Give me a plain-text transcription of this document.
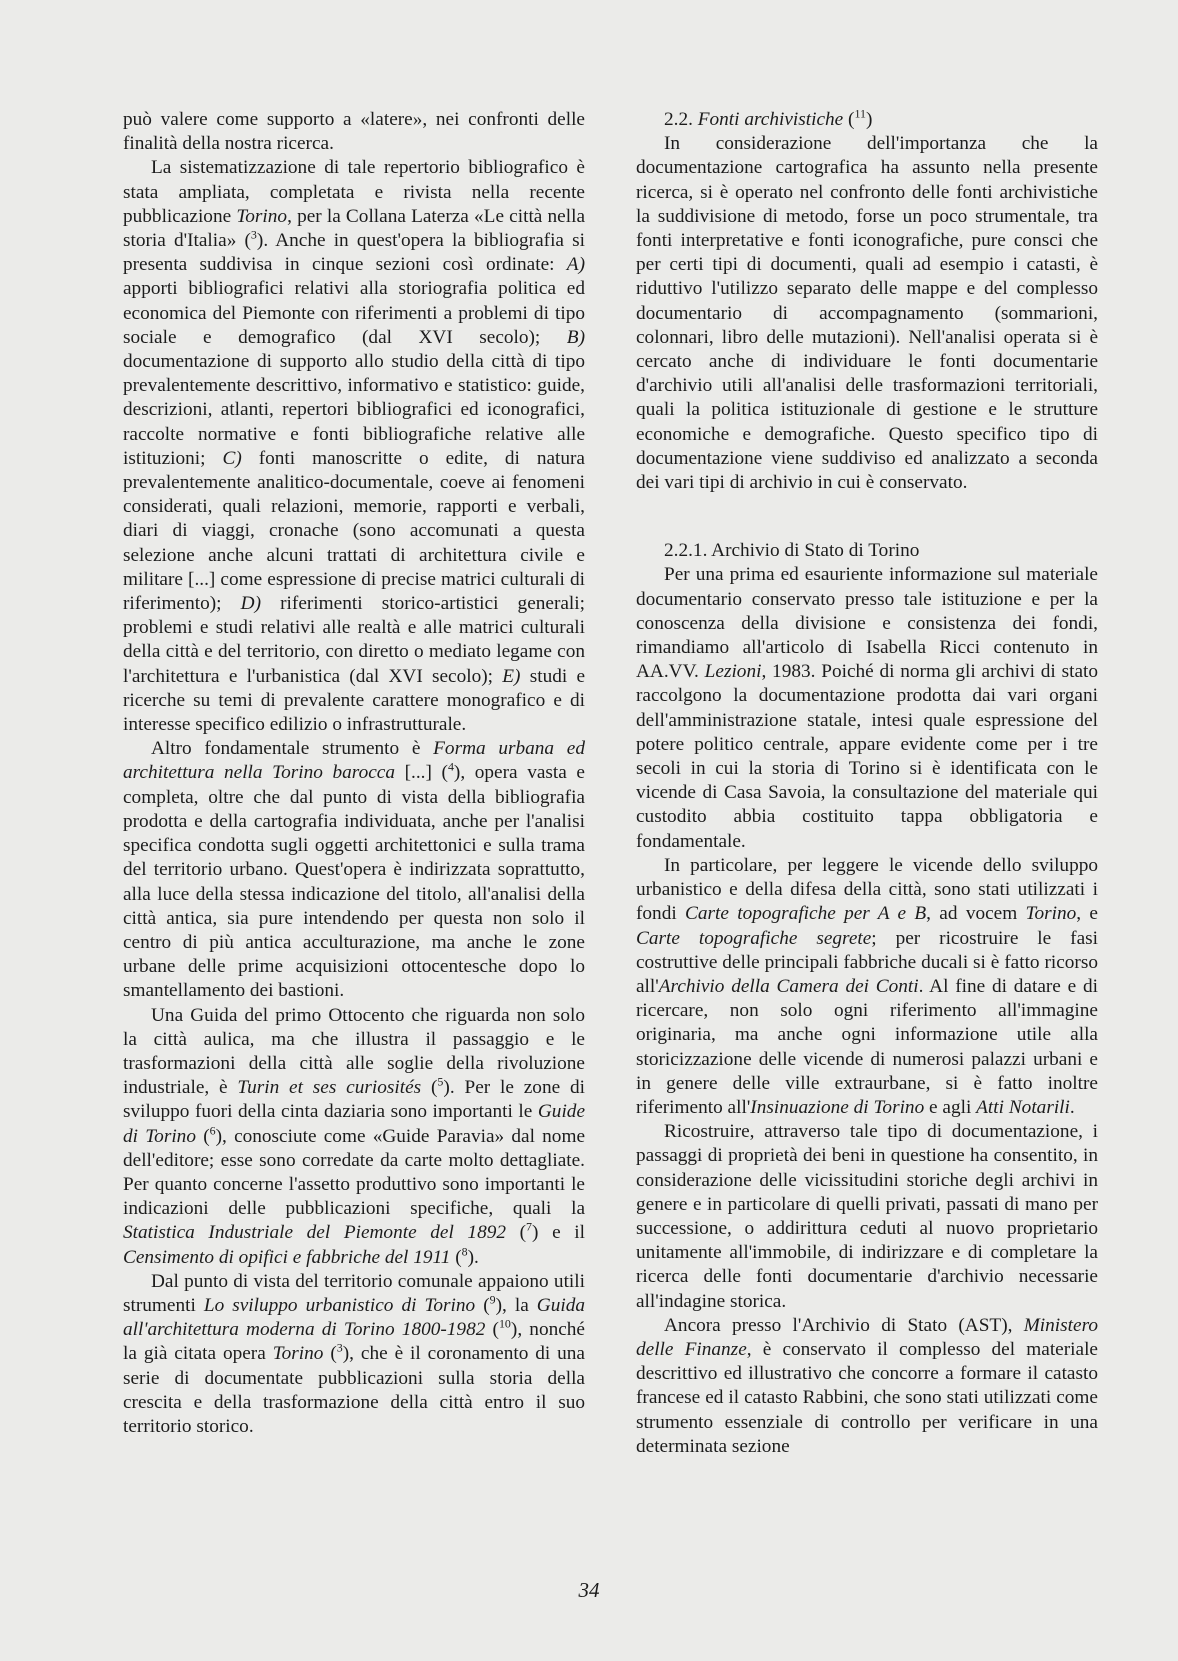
può valere come supporto a «latere», nei confronti delle finalità della nostra ricerca.

La sistematizzazione di tale repertorio bibliografico è stata ampliata, completata e rivista nella recente pubblicazione Torino, per la Collana Laterza «Le città nella storia d'Italia» ($^3$). Anche in quest'opera la bibliografia si presenta suddivisa in cinque sezioni così ordinate: A) apporti bibliografici relativi alla storiografia politica ed economica del Piemonte con riferimenti a problemi di tipo sociale e demografico (dal XVI secolo); B) documentazione di supporto allo studio della città di tipo prevalentemente descrittivo, informativo e statistico: guide, descrizioni, atlanti, repertori bibliografici ed iconografici, raccolte normative e fonti bibliografiche relative alle istituzioni; C) fonti manoscritte o edite, di natura prevalentemente analitico-documentale, coeve ai fenomeni considerati, quali relazioni, memorie, rapporti e verbali, diari di viaggi, cronache (sono accomunati a questa selezione anche alcuni trattati di architettura civile e militare [...] come espressione di precise matrici culturali di riferimento); D) riferimenti storico-artistici generali; problemi e studi relativi alle realtà e alle matrici culturali della città e del territorio, con diretto o mediato legame con l'architettura e l'urbanistica (dal XVI secolo); E) studi e ricerche su temi di prevalente carattere monografico e di interesse specifico edilizio o infrastrutturale.

Altro fondamentale strumento è Forma urbana ed architettura nella Torino barocca [...] ($^4$), opera vasta e completa, oltre che dal punto di vista della bibliografia prodotta e della cartografia individuata, anche per l'analisi specifica condotta sugli oggetti architettonici e sulla trama del territorio urbano. Quest'opera è indirizzata soprattutto, alla luce della stessa indicazione del titolo, all'analisi della città antica, sia pure intendendo per questa non solo il centro di più antica acculturazione, ma anche le zone urbane delle prime acquisizioni ottocentesche dopo lo smantellamento dei bastioni.

Una Guida del primo Ottocento che riguarda non solo la città aulica, ma che illustra il passaggio e le trasformazioni della città alle soglie della rivoluzione industriale, è Turin et ses curiosités ($^5$). Per le zone di sviluppo fuori della cinta daziaria sono importanti le Guide di Torino ($^6$), conosciute come «Guide Paravia» dal nome dell'editore; esse sono corredate da carte molto dettagliate. Per quanto concerne l'assetto produttivo sono importanti le indicazioni delle pubblicazioni specifiche, quali la Statistica Industriale del Piemonte del 1892 ($^7$) e il Censimento di opifici e fabbriche del 1911 ($^8$).

Dal punto di vista del territorio comunale appaiono utili strumenti Lo sviluppo urbanistico di Torino ($^9$), la Guida all'architettura moderna di Torino 1800-1982 ($^{10}$), nonché la già citata opera Torino ($^3$), che è il coronamento di una serie di documentate pubblicazioni sulla storia della crescita e della trasformazione della città entro il suo territorio storico.

2.2. Fonti archivistiche ($^{11}$)

In considerazione dell'importanza che la documentazione cartografica ha assunto nella presente ricerca, si è operato nel confronto delle fonti archivistiche la suddivisione di metodo, forse un poco strumentale, tra fonti interpretative e fonti iconografiche, pure consci che per certi tipi di documenti, quali ad esempio i catasti, è riduttivo l'utilizzo separato delle mappe e del complesso documentario di accompagnamento (sommarioni, colonnari, libro delle mutazioni). Nell'analisi operata si è cercato anche di individuare le fonti documentarie d'archivio utili all'analisi delle trasformazioni territoriali, quali la politica istituzionale di gestione e le strutture economiche e demografiche. Questo specifico tipo di documentazione viene suddiviso ed analizzato a seconda dei vari tipi di archivio in cui è conservato.

2.2.1. Archivio di Stato di Torino

Per una prima ed esauriente informazione sul materiale documentario conservato presso tale istituzione e per la conoscenza della divisione e consistenza dei fondi, rimandiamo all'articolo di Isabella Ricci contenuto in AA.VV. Lezioni, 1983. Poiché di norma gli archivi di stato raccolgono la documentazione prodotta dai vari organi dell'amministrazione statale, intesi quale espressione del potere politico centrale, appare evidente come per i tre secoli in cui la storia di Torino si è identificata con le vicende di Casa Savoia, la consultazione del materiale qui custodito abbia costituito tappa obbligatoria e fondamentale.

In particolare, per leggere le vicende dello sviluppo urbanistico e della difesa della città, sono stati utilizzati i fondi Carte topografiche per A e B, ad vocem Torino, e Carte topografiche segrete; per ricostruire le fasi costruttive delle principali fabbriche ducali si è fatto ricorso all'Archivio della Camera dei Conti. Al fine di datare e di ricercare, non solo ogni riferimento all'immagine originaria, ma anche ogni informazione utile alla storicizzazione delle vicende di numerosi palazzi urbani e in genere delle ville extraurbane, si è fatto inoltre riferimento all'Insinuazione di Torino e agli Atti Notarili.

Ricostruire, attraverso tale tipo di documentazione, i passaggi di proprietà dei beni in questione ha consentito, in considerazione delle vicissitudini storiche degli archivi in genere e in particolare di quelli privati, passati di mano per successione, o addirittura ceduti al nuovo proprietario unitamente all'immobile, di indirizzare e di completare la ricerca delle fonti documentarie d'archivio necessarie all'indagine storica.

Ancora presso l'Archivio di Stato (AST), Ministero delle Finanze, è conservato il complesso del materiale descrittivo ed illustrativo che concorre a formare il catasto francese ed il catasto Rabbini, che sono stati utilizzati come strumento essenziale di controllo per verificare in una determinata sezione

34
